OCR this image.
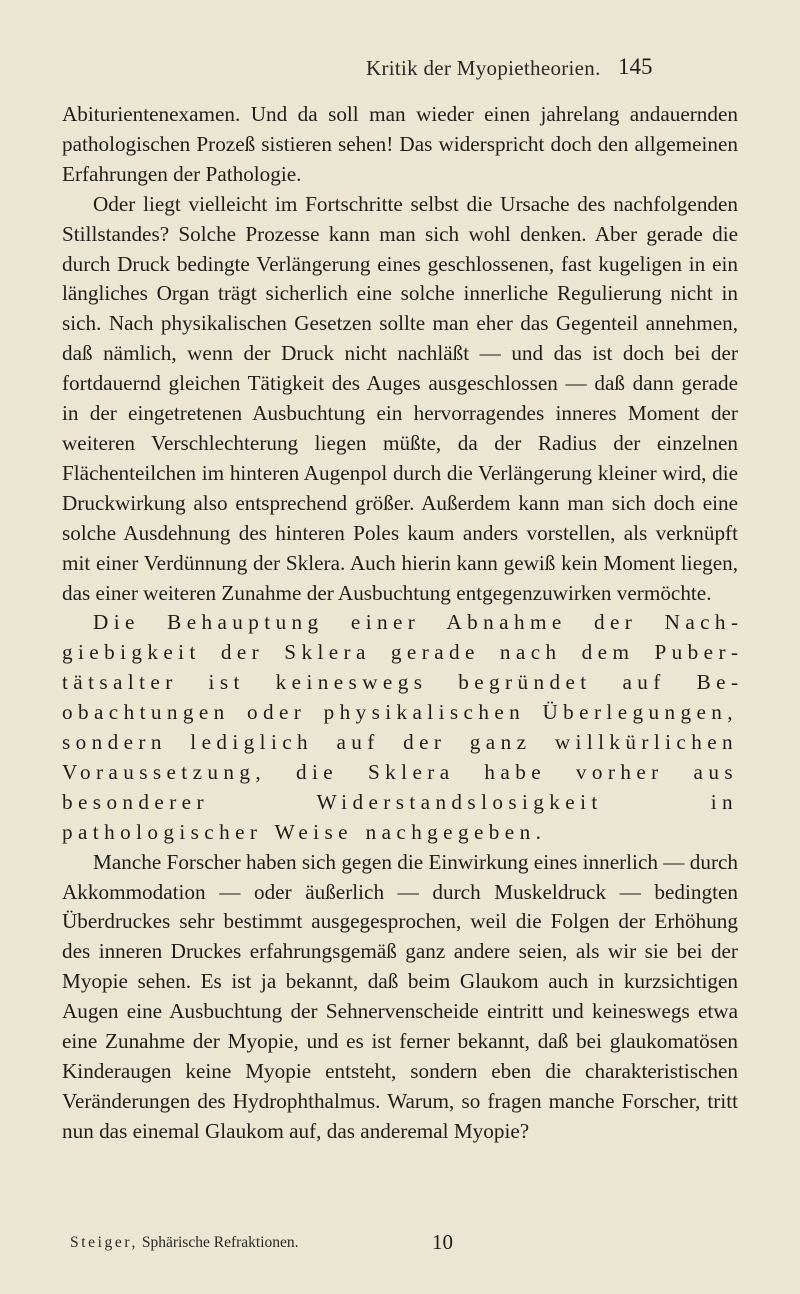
Kritik der Myopietheorien. 145

Abiturientenexamen. Und da soll man wieder einen jahrelang andauernden pathologischen Prozeß sistieren sehen! Das widerspricht doch den allgemeinen Erfahrungen der Pathologie.

Oder liegt vielleicht im Fortschritte selbst die Ursache des nachfolgenden Stillstandes? Solche Prozesse kann man sich wohl denken. Aber gerade die durch Druck bedingte Verlängerung eines geschlossenen, fast kugeligen in ein längliches Organ trägt sicherlich eine solche innerliche Regulierung nicht in sich. Nach physikalischen Gesetzen sollte man eher das Gegenteil annehmen, daß nämlich, wenn der Druck nicht nachläßt — und das ist doch bei der fortdauernd gleichen Tätigkeit des Auges ausgeschlossen — daß dann gerade in der eingetretenen Ausbuchtung ein hervorragendes inneres Moment der weiteren Verschlechterung liegen müßte, da der Radius der einzelnen Flächenteilchen im hinteren Augenpol durch die Verlängerung kleiner wird, die Druckwirkung also entsprechend größer. Außerdem kann man sich doch eine solche Ausdehnung des hinteren Poles kaum anders vorstellen, als verknüpft mit einer Verdünnung der Sklera. Auch hierin kann gewiß kein Moment liegen, das einer weiteren Zunahme der Ausbuchtung entgegenzuwirken vermöchte.

Die Behauptung einer Abnahme der Nachgiebigkeit der Sklera gerade nach dem Pubertätsalter ist keineswegs begründet auf Beobachtungen oder physikalischen Überlegungen, sondern lediglich auf der ganz willkürlichen Voraussetzung, die Sklera habe vorher aus besonderer Widerstandslosigkeit in pathologischer Weise nachgegeben.

Manche Forscher haben sich gegen die Einwirkung eines innerlich — durch Akkommodation — oder äußerlich — durch Muskeldruck — bedingten Überdruckes sehr bestimmt ausgegesprochen, weil die Folgen der Erhöhung des inneren Druckes erfahrungsgemäß ganz andere seien, als wir sie bei der Myopie sehen. Es ist ja bekannt, daß beim Glaukom auch in kurzsichtigen Augen eine Ausbuchtung der Sehnervenscheide eintritt und keineswegs etwa eine Zunahme der Myopie, und es ist ferner bekannt, daß bei glaukomatösen Kinderaugen keine Myopie entsteht, sondern eben die charakteristischen Veränderungen des Hydrophthalmus. Warum, so fragen manche Forscher, tritt nun das einemal Glaukom auf, das anderemal Myopie?

Steiger, Sphärische Refraktionen.	10
